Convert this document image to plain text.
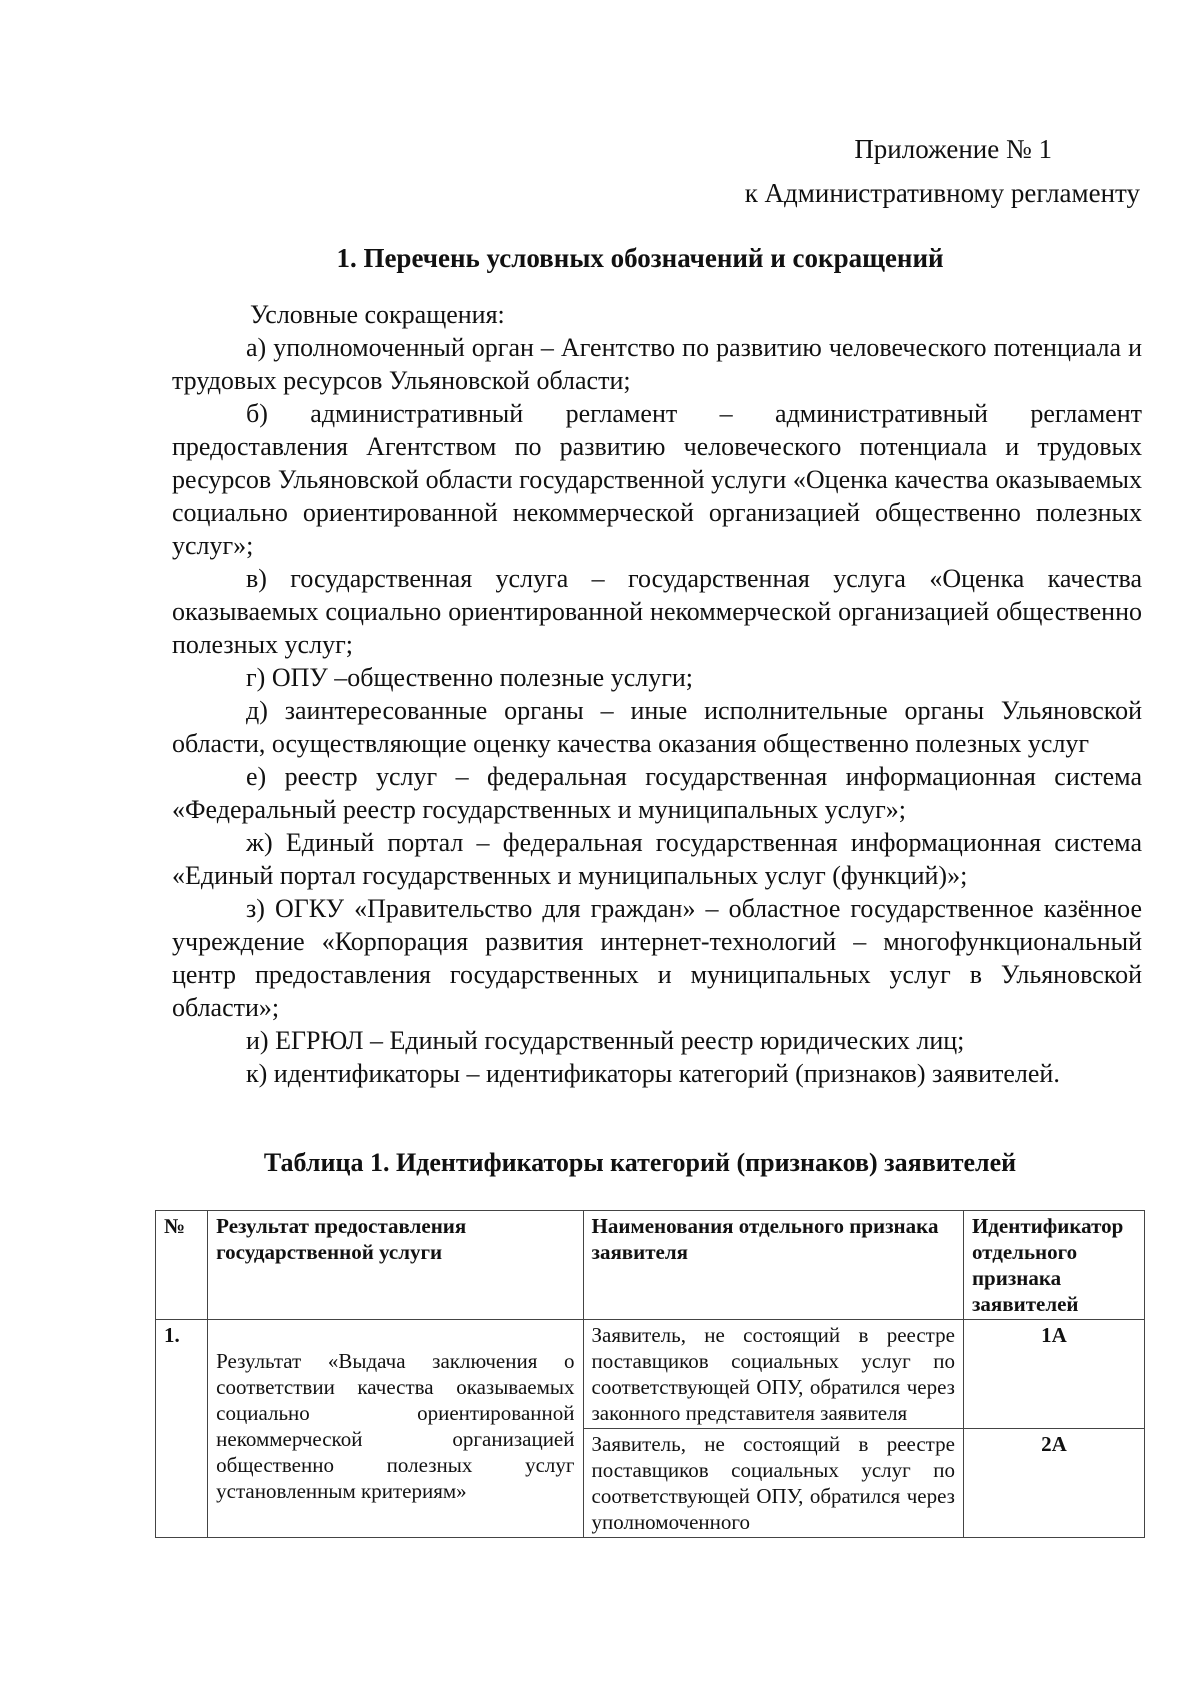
Приложение № 1
к Административному регламенту
1. Перечень условных обозначений и сокращений

Условные сокращения:

а) уполномоченный орган – Агентство по развитию человеческого потенциала и трудовых ресурсов Ульяновской области;

б) административный регламент – административный регламент предоставления Агентством по развитию человеческого потенциала и трудовых ресурсов Ульяновской области государственной услуги «Оценка качества оказываемых социально ориентированной некоммерческой организацией общественно полезных услуг»;

в) государственная услуга – государственная услуга «Оценка качества оказываемых социально ориентированной некоммерческой организацией общественно полезных услуг;

г) ОПУ –общественно полезные услуги;

д) заинтересованные органы – иные исполнительные органы Ульяновской области, осуществляющие оценку качества оказания общественно полезных услуг

е) реестр услуг – федеральная государственная информационная система «Федеральный реестр государственных и муниципальных услуг»;

ж) Единый портал – федеральная государственная информационная система «Единый портал государственных и муниципальных услуг (функций)»;

з) ОГКУ «Правительство для граждан» – областное государственное казённое учреждение «Корпорация развития интернет-технологий – многофункциональный центр предоставления государственных и муниципальных услуг в Ульяновской области»;

и) ЕГРЮЛ – Единый государственный реестр юридических лиц;

к) идентификаторы – идентификаторы категорий (признаков) заявителей.

Таблица 1. Идентификаторы категорий (признаков) заявителей
№	Результат предоставления государственной услуги	Наименования отдельного признака заявителя	Идентификатор отдельного признака заявителей
1.	Результат «Выдача заключения о соответствии качества оказываемых социально ориентированной некоммерческой организацией общественно полезных услуг установленным критериям»	Заявитель, не состоящий в реестре поставщиков социальных услуг по соответствующей ОПУ, обратился через законного представителя заявителя	1А
		Заявитель, не состоящий в реестре поставщиков социальных услуг по соответствующей ОПУ, обратился через уполномоченного	2А
